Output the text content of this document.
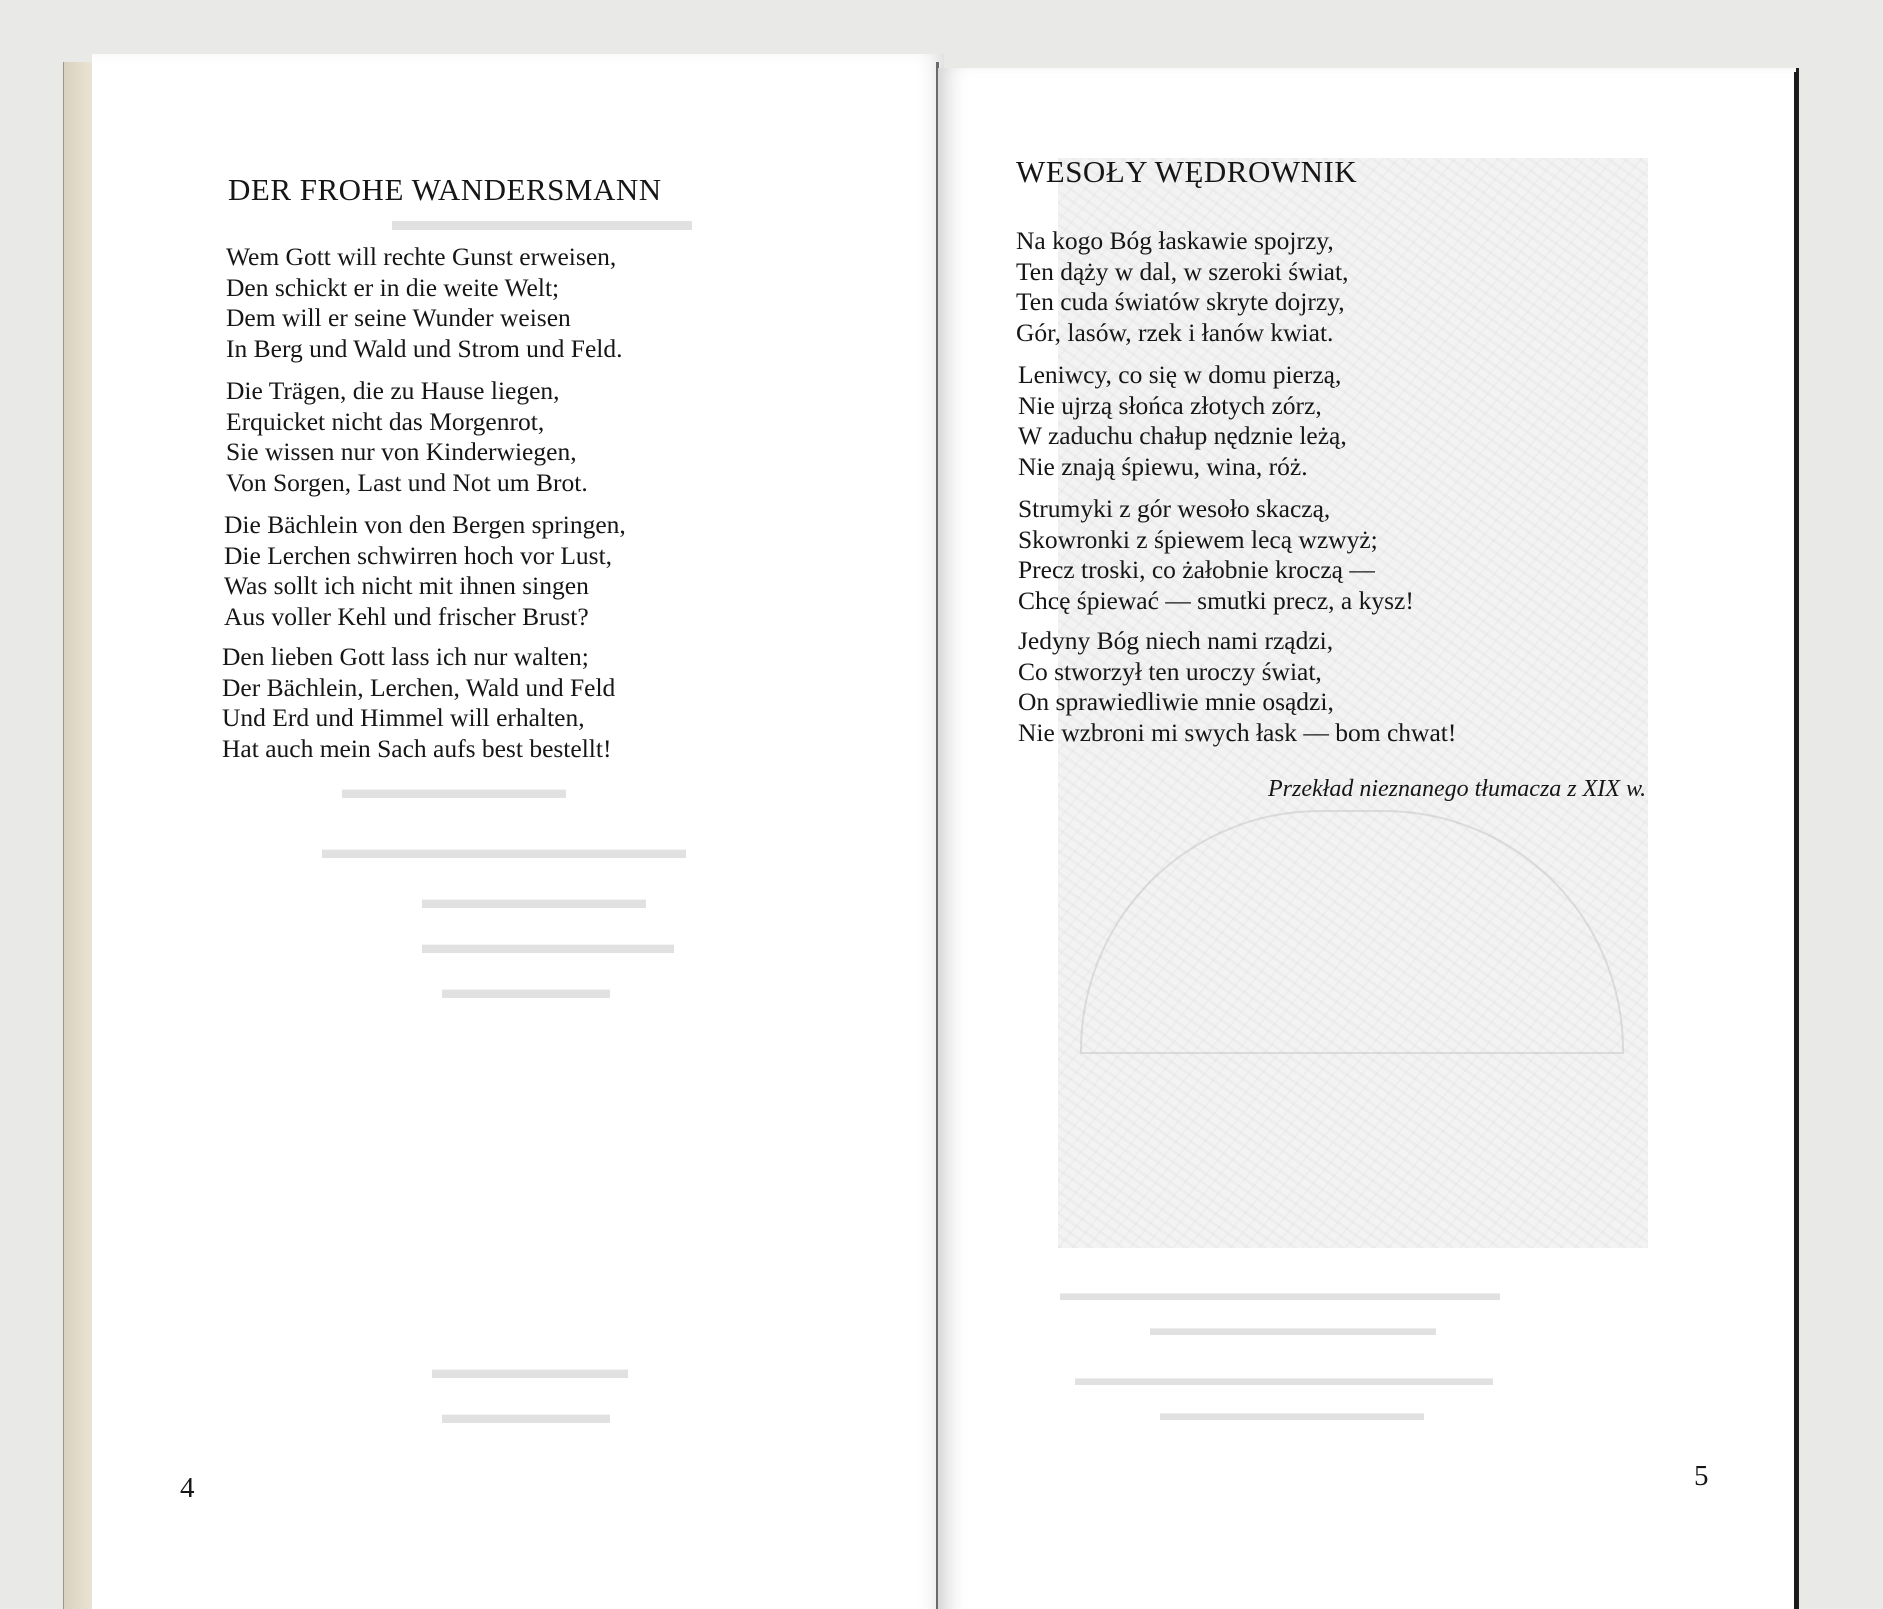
▬▬▬▬▬▬▬▬▬▬
▬▬▬▬▬▬▬▬
▬▬▬▬▬▬▬▬▬▬▬▬▬
▬▬▬▬▬▬▬▬
▬▬▬▬▬▬▬▬▬
▬▬▬▬▬▬
▬▬▬▬▬▬▬
▬▬▬▬▬▬
▬▬▬▬▬▬▬▬▬▬▬▬▬▬▬▬▬▬▬▬
▬▬▬▬▬▬▬▬▬▬▬▬▬
▬▬▬▬▬▬▬▬▬▬▬▬▬▬▬▬▬▬▬
▬▬▬▬▬▬▬▬▬▬▬▬
DER FROHE WANDERSMANN
Wem Gott will rechte Gunst erweisen,
Den schickt er in die weite Welt;
Dem will er seine Wunder weisen
In Berg und Wald und Strom und Feld.
Die Trägen, die zu Hause liegen,
Erquicket nicht das Morgenrot,
Sie wissen nur von Kinderwiegen,
Von Sorgen, Last und Not um Brot.
Die Bächlein von den Bergen springen,
Die Lerchen schwirren hoch vor Lust,
Was sollt ich nicht mit ihnen singen
Aus voller Kehl und frischer Brust?
Den lieben Gott lass ich nur walten;
Der Bächlein, Lerchen, Wald und Feld
Und Erd und Himmel will erhalten,
Hat auch mein Sach aufs best bestellt!
4
WESOŁY WĘDROWNIK
Na kogo Bóg łaskawie spojrzy,
Ten dąży w dal, w szeroki świat,
Ten cuda światów skryte dojrzy,
Gór, lasów, rzek i łanów kwiat.
Leniwcy, co się w domu pierzą,
Nie ujrzą słońca złotych zórz,
W zaduchu chałup nędznie leżą,
Nie znają śpiewu, wina, róż.
Strumyki z gór wesoło skaczą,
Skowronki z śpiewem lecą wzwyż;
Precz troski, co żałobnie kroczą —
Chcę śpiewać — smutki precz, a kysz!
Jedyny Bóg niech nami rządzi,
Co stworzył ten uroczy świat,
On sprawiedliwie mnie osądzi,
Nie wzbroni mi swych łask — bom chwat!
Przekład nieznanego tłumacza z XIX w.
5
